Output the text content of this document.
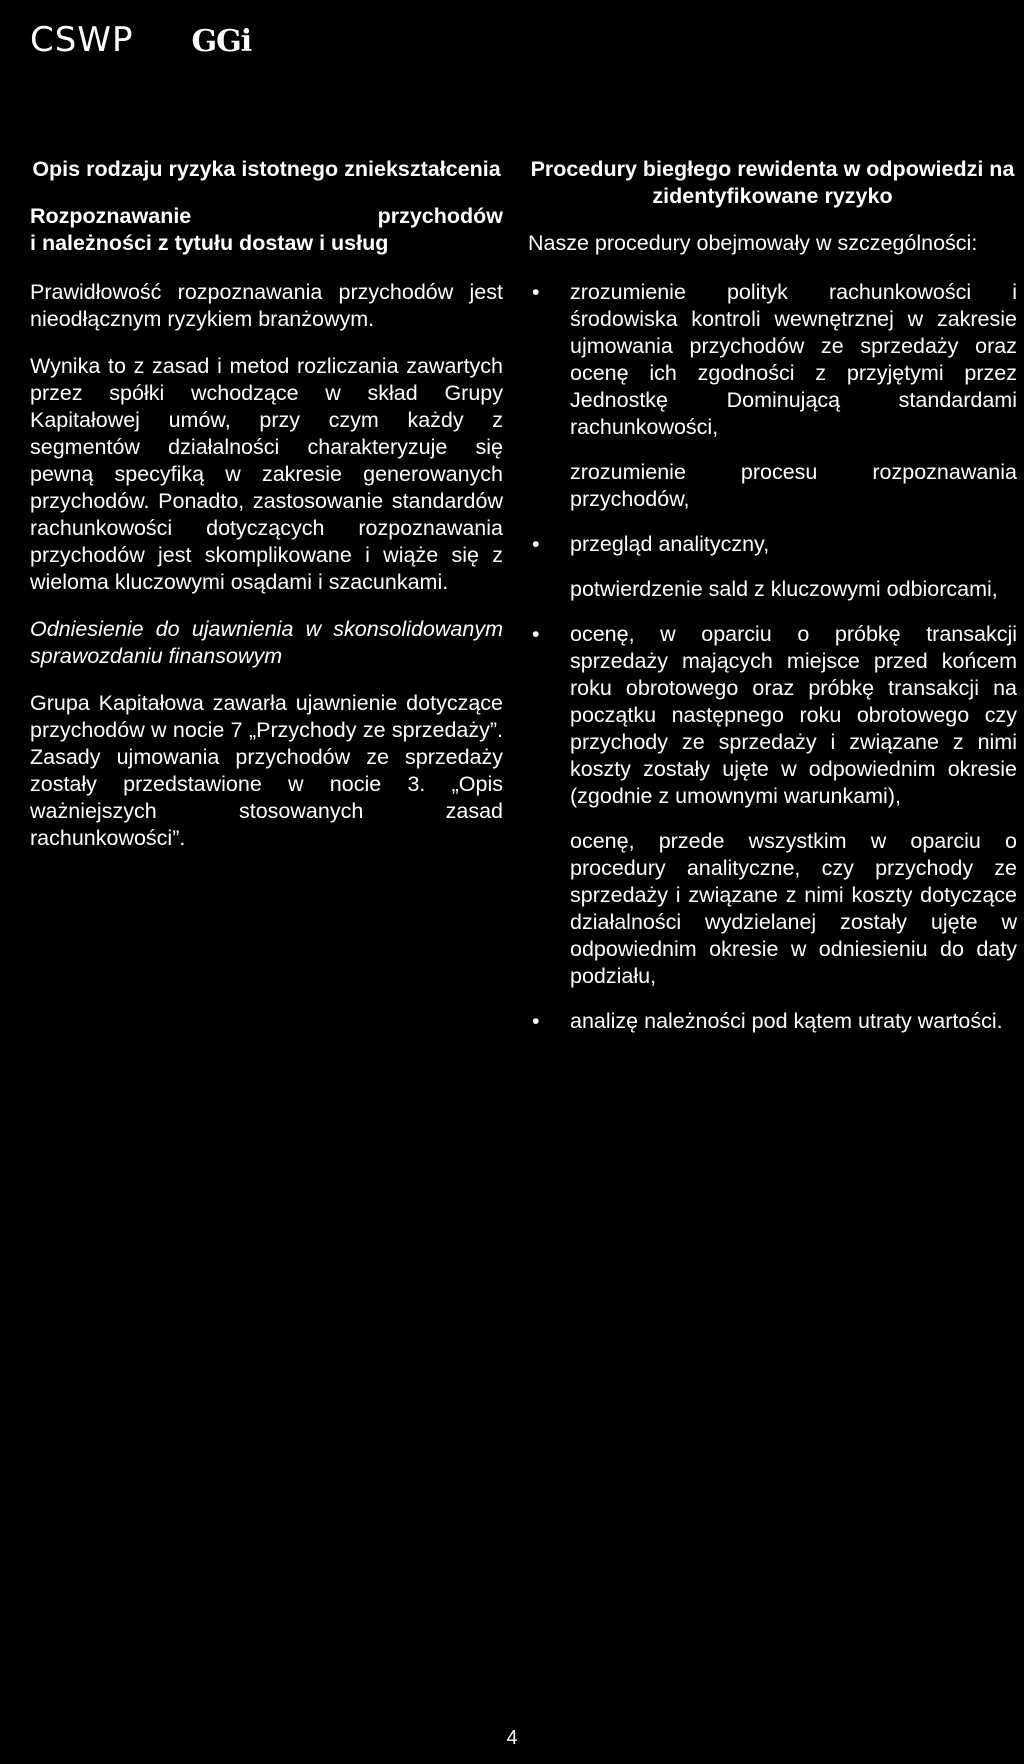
CSWP GGi
Opis rodzaju ryzyka istotnego zniekształcenia
Rozpoznawanie przychodów
i należności z tytułu dostaw i usług

Prawidłowość rozpoznawania przychodów jest nieodłącznym ryzykiem branżowym.

Wynika to z zasad i metod rozliczania zawartych przez spółki wchodzące w skład Grupy Kapitałowej umów, przy czym każdy z segmentów działalności charakteryzuje się pewną specyfiką w zakresie generowanych przychodów. Ponadto, zastosowanie standardów rachunkowości dotyczących rozpoznawania przychodów jest skomplikowane i wiąże się z wieloma kluczowymi osądami i szacunkami.

Odniesienie do ujawnienia w skonsolidowanym sprawozdaniu finansowym

Grupa Kapitałowa zawarła ujawnienie dotyczące przychodów w nocie 7 „Przychody ze sprzedaży”. Zasady ujmowania przychodów ze sprzedaży zostały przedstawione w nocie 3. „Opis ważniejszych stosowanych zasad rachunkowości”.

Procedury biegłego rewidenta w odpowiedzi na zidentyfikowane ryzyko

Nasze procedury obejmowały w szczególności:

•	zrozumienie polityk rachunkowości i środowiska kontroli wewnętrznej w zakresie ujmowania przychodów ze sprzedaży oraz ocenę ich zgodności z przyjętymi przez Jednostkę Dominującą standardami rachunkowości,
zrozumienie procesu rozpoznawania przychodów,
•	przegląd analityczny,
potwierdzenie sald z kluczowymi odbiorcami,
•	ocenę, w oparciu o próbkę transakcji sprzedaży mających miejsce przed końcem roku obrotowego oraz próbkę transakcji na początku następnego roku obrotowego czy przychody ze sprzedaży i związane z nimi koszty zostały ujęte w odpowiednim okresie (zgodnie z umownymi warunkami),
ocenę, przede wszystkim w oparciu o procedury analityczne, czy przychody ze sprzedaży i związane z nimi koszty dotyczące działalności wydzielanej zostały ujęte w odpowiednim okresie w odniesieniu do daty podziału,
•	analizę należności pod kątem utraty wartości.
4
